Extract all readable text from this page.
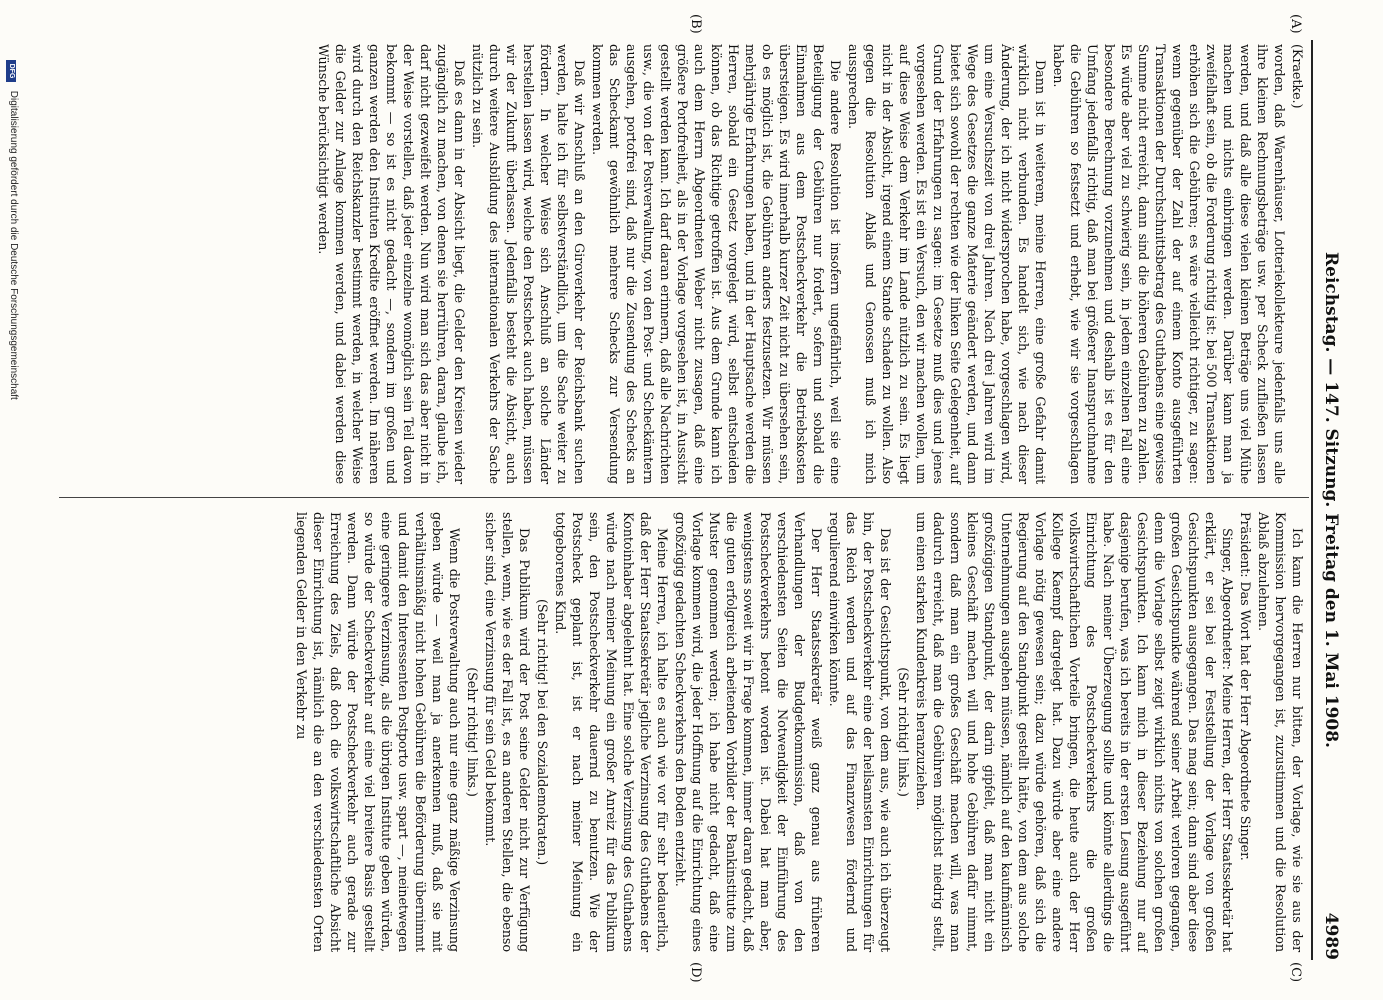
Reichstag. — 147. Sitzung. Freitag den 1. Mai 1908.
4989
(A)
(B)
(C)
(D)

(Kraetke.)

worden, daß Warenhäuser, Lotteriekollekteure jedenfalls uns alle ihre kleinen Rechnungsbeträge usw. per Scheck zufließen lassen werden, und daß alle diese vielen kleinen Beträge uns viel Mühe machen und nichts einbringen werden. Darüber kann man ja zweifelhaft sein, ob die Forderung richtig ist: bei 500 Transaktionen erhöhen sich die Gebühren; es wäre vielleicht richtiger, zu sagen: wenn gegenüber der Zahl der auf einem Konto ausgeführten Transaktionen der Durchschnittsbetrag des Guthabens eine gewisse Summe nicht erreicht, dann sind die höheren Gebühren zu zahlen. Es würde aber viel zu schwierig sein, in jedem einzelnen Fall eine besondere Berechnung vorzunehmen und deshalb ist es für den Umfang jedenfalls richtig, daß man bei größerer Inanspruchnahme die Gebühren so festsetzt und erhebt, wie wir sie vorgeschlagen haben.

Dann ist in weiterem, meine Herren, eine große Gefahr damit wirklich nicht verbunden. Es handelt sich, wie nach dieser Änderung, der ich nicht widersprochen habe, vorgeschlagen wird, um eine Versuchszeit von drei Jahren. Nach drei Jahren wird im Wege des Gesetzes die ganze Materie geändert werden, und dann bietet sich sowohl der rechten wie der linken Seite Gelegenheit, auf Grund der Erfahrungen zu sagen: im Gesetze muß dies und jenes vorgesehen werden. Es ist ein Versuch, den wir machen wollen, um auf diese Weise dem Verkehr im Lande nützlich zu sein. Es liegt nicht in der Absicht, irgend einem Stande schaden zu wollen. Also gegen die Resolution Ablaß und Genossen muß ich mich aussprechen.

Die andere Resolution ist insofern ungefährlich, weil sie eine Beteiligung der Gebühren nur fordert, sofern und sobald die Einnahmen aus dem Postscheckverkehr die Betriebskosten übersteigen. Es wird innerhalb kurzer Zeit nicht zu übersehen sein, ob es möglich ist, die Gebühren anders festzusetzen. Wir müssen mehrjährige Erfahrungen haben, und in der Hauptsache werden die Herren, sobald ein Gesetz vorgelegt wird, selbst entscheiden können, ob das Richtige getroffen ist. Aus dem Grunde kann ich auch dem Herrn Abgeordneten Weber nicht zusagen, daß eine größere Portofreiheit, als in der Vorlage vorgesehen ist, in Aussicht gestellt werden kann. Ich darf daran erinnern, daß alle Nachrichten usw., die von der Postverwaltung, von den Post- und Scheckämtern ausgehen, portofrei sind, daß nur die Zusendung des Schecks an das Scheckamt gewöhnlich mehrere Schecks zur Versendung kommen werden.

Daß wir Anschluß an den Giroverkehr der Reichsbank suchen werden, halte ich für selbstverständlich, um die Sache weiter zu fördern. In welcher Weise sich Anschluß an solche Länder herstellen lassen wird, welche den Postscheck auch haben, müssen wir der Zukunft überlassen. Jedenfalls besteht die Absicht, auch durch weitere Ausbildung des internationalen Verkehrs der Sache nützlich zu sein.

Daß es dann in der Absicht liegt, die Gelder den Kreisen wieder zugänglich zu machen, von denen sie herrühren, daran, glaube ich, darf nicht gezweifelt werden. Nun wird man sich das aber nicht in der Weise vorstellen, daß jeder einzelne womöglich sein Teil davon bekommt — so ist es nicht gedacht —, sondern im großen und ganzen werden den Instituten Kredite eröffnet werden. Im näheren wird durch den Reichskanzler bestimmt werden, in welcher Weise die Gelder zur Anlage kommen werden, und dabei werden diese Wünsche berücksichtigt werden.

Ich kann die Herren nur bitten, der Vorlage, wie sie aus der Kommission hervorgegangen ist, zuzustimmen und die Resolution Ablaß abzulehnen.

Präsident: Das Wort hat der Herr Abgeordnete Singer.

Singer, Abgeordneter: Meine Herren, der Herr Staatssekretär hat erklärt, er sei bei der Feststellung der Vorlage von großen Gesichtspunkten ausgegangen. Das mag sein; dann sind aber diese großen Gesichtspunkte während seiner Arbeit verloren gegangen, denn die Vorlage selbst zeigt wirklich nichts von solchen großen Gesichtspunkten. Ich kann mich in dieser Beziehung nur auf dasjenige berufen, was ich bereits in der ersten Lesung ausgeführt habe. Nach meiner Überzeugung sollte und könnte allerdings die Einrichtung des Postscheckverkehrs die großen volkswirtschaftlichen Vorteile bringen, die heute auch der Herr Kollege Kaempf dargelegt hat. Dazu würde aber eine andere Vorlage nötig gewesen sein; dazu würde gehören, daß sich die Regierung auf den Standpunkt gestellt hätte, von dem aus solche Unternehmungen ausgehen müssen, nämlich auf den kaufmännisch großzügigen Standpunkt, der darin gipfelt, daß man nicht ein kleines Geschäft machen will und hohe Gebühren dafür nimmt, sondern daß man ein großes Geschäft machen will, was man dadurch erreicht, daß man die Gebühren möglichst niedrig stellt, um einen starken Kundenkreis heranzuziehen.

(Sehr richtig! links.)

Das ist der Gesichtspunkt, von dem aus, wie auch ich überzeugt bin, der Postscheckverkehr eine der heilsamsten Einrichtungen für das Reich werden und auf das Finanzwesen fördernd und regulierend einwirken könnte.

Der Herr Staatssekretär weiß ganz genau aus früheren Verhandlungen der Budgetkommission, daß von den verschiedensten Seiten die Notwendigkeit der Einführung des Postscheckverkehrs betont worden ist. Dabei hat man aber, wenigstens soweit wir in Frage kommen, immer daran gedacht, daß die guten erfolgreich arbeitenden Vorbilder der Bankinstitute zum Muster genommen werden; ich habe nicht gedacht, daß eine Vorlage kommen wird, die jeder Hoffnung auf die Einrichtung eines großzügig gedachten Scheckverkehrs den Boden entzieht.

Meine Herren, ich halte es auch wie vor für sehr bedauerlich, daß der Herr Staatssekretär jegliche Verzinsung des Guthabens der Kontoinhaber abgelehnt hat. Eine solche Verzinsung des Guthabens würde nach meiner Meinung ein großer Anreiz für das Publikum sein, den Postscheckverkehr dauernd zu benutzen. Wie der Postscheck geplant ist, ist er nach meiner Meinung ein totgeborenes Kind.

(Sehr richtig! bei den Sozialdemokraten.)

Das Publikum wird der Post seine Gelder nicht zur Verfügung stellen, wenn, wie es der Fall ist, es an anderen Stellen, die ebenso sicher sind, eine Verzinsung für sein Geld bekommt.

(Sehr richtig! links.)

Wenn die Postverwaltung auch nur eine ganz mäßige Verzinsung geben würde — weil man ja anerkennen muß, daß sie mit verhältnismäßig nicht hohen Gebühren die Beförderung übernimmt und damit den Interessenten Postporto usw. spart —, meinetwegen eine geringere Verzinsung, als die übrigen Institute geben würden, so würde der Scheckverkehr auf eine viel breitere Basis gestellt werden. Dann würde der Postscheckverkehr auch gerade zur Erreichung des Ziels, daß doch die volkswirtschaftliche Absicht dieser Einrichtung ist, nämlich die an den verschiedensten Orten liegenden Gelder in den Verkehr zu

DFG Digitalisierung gefördert durch die Deutsche Forschungsgemeinschaft
